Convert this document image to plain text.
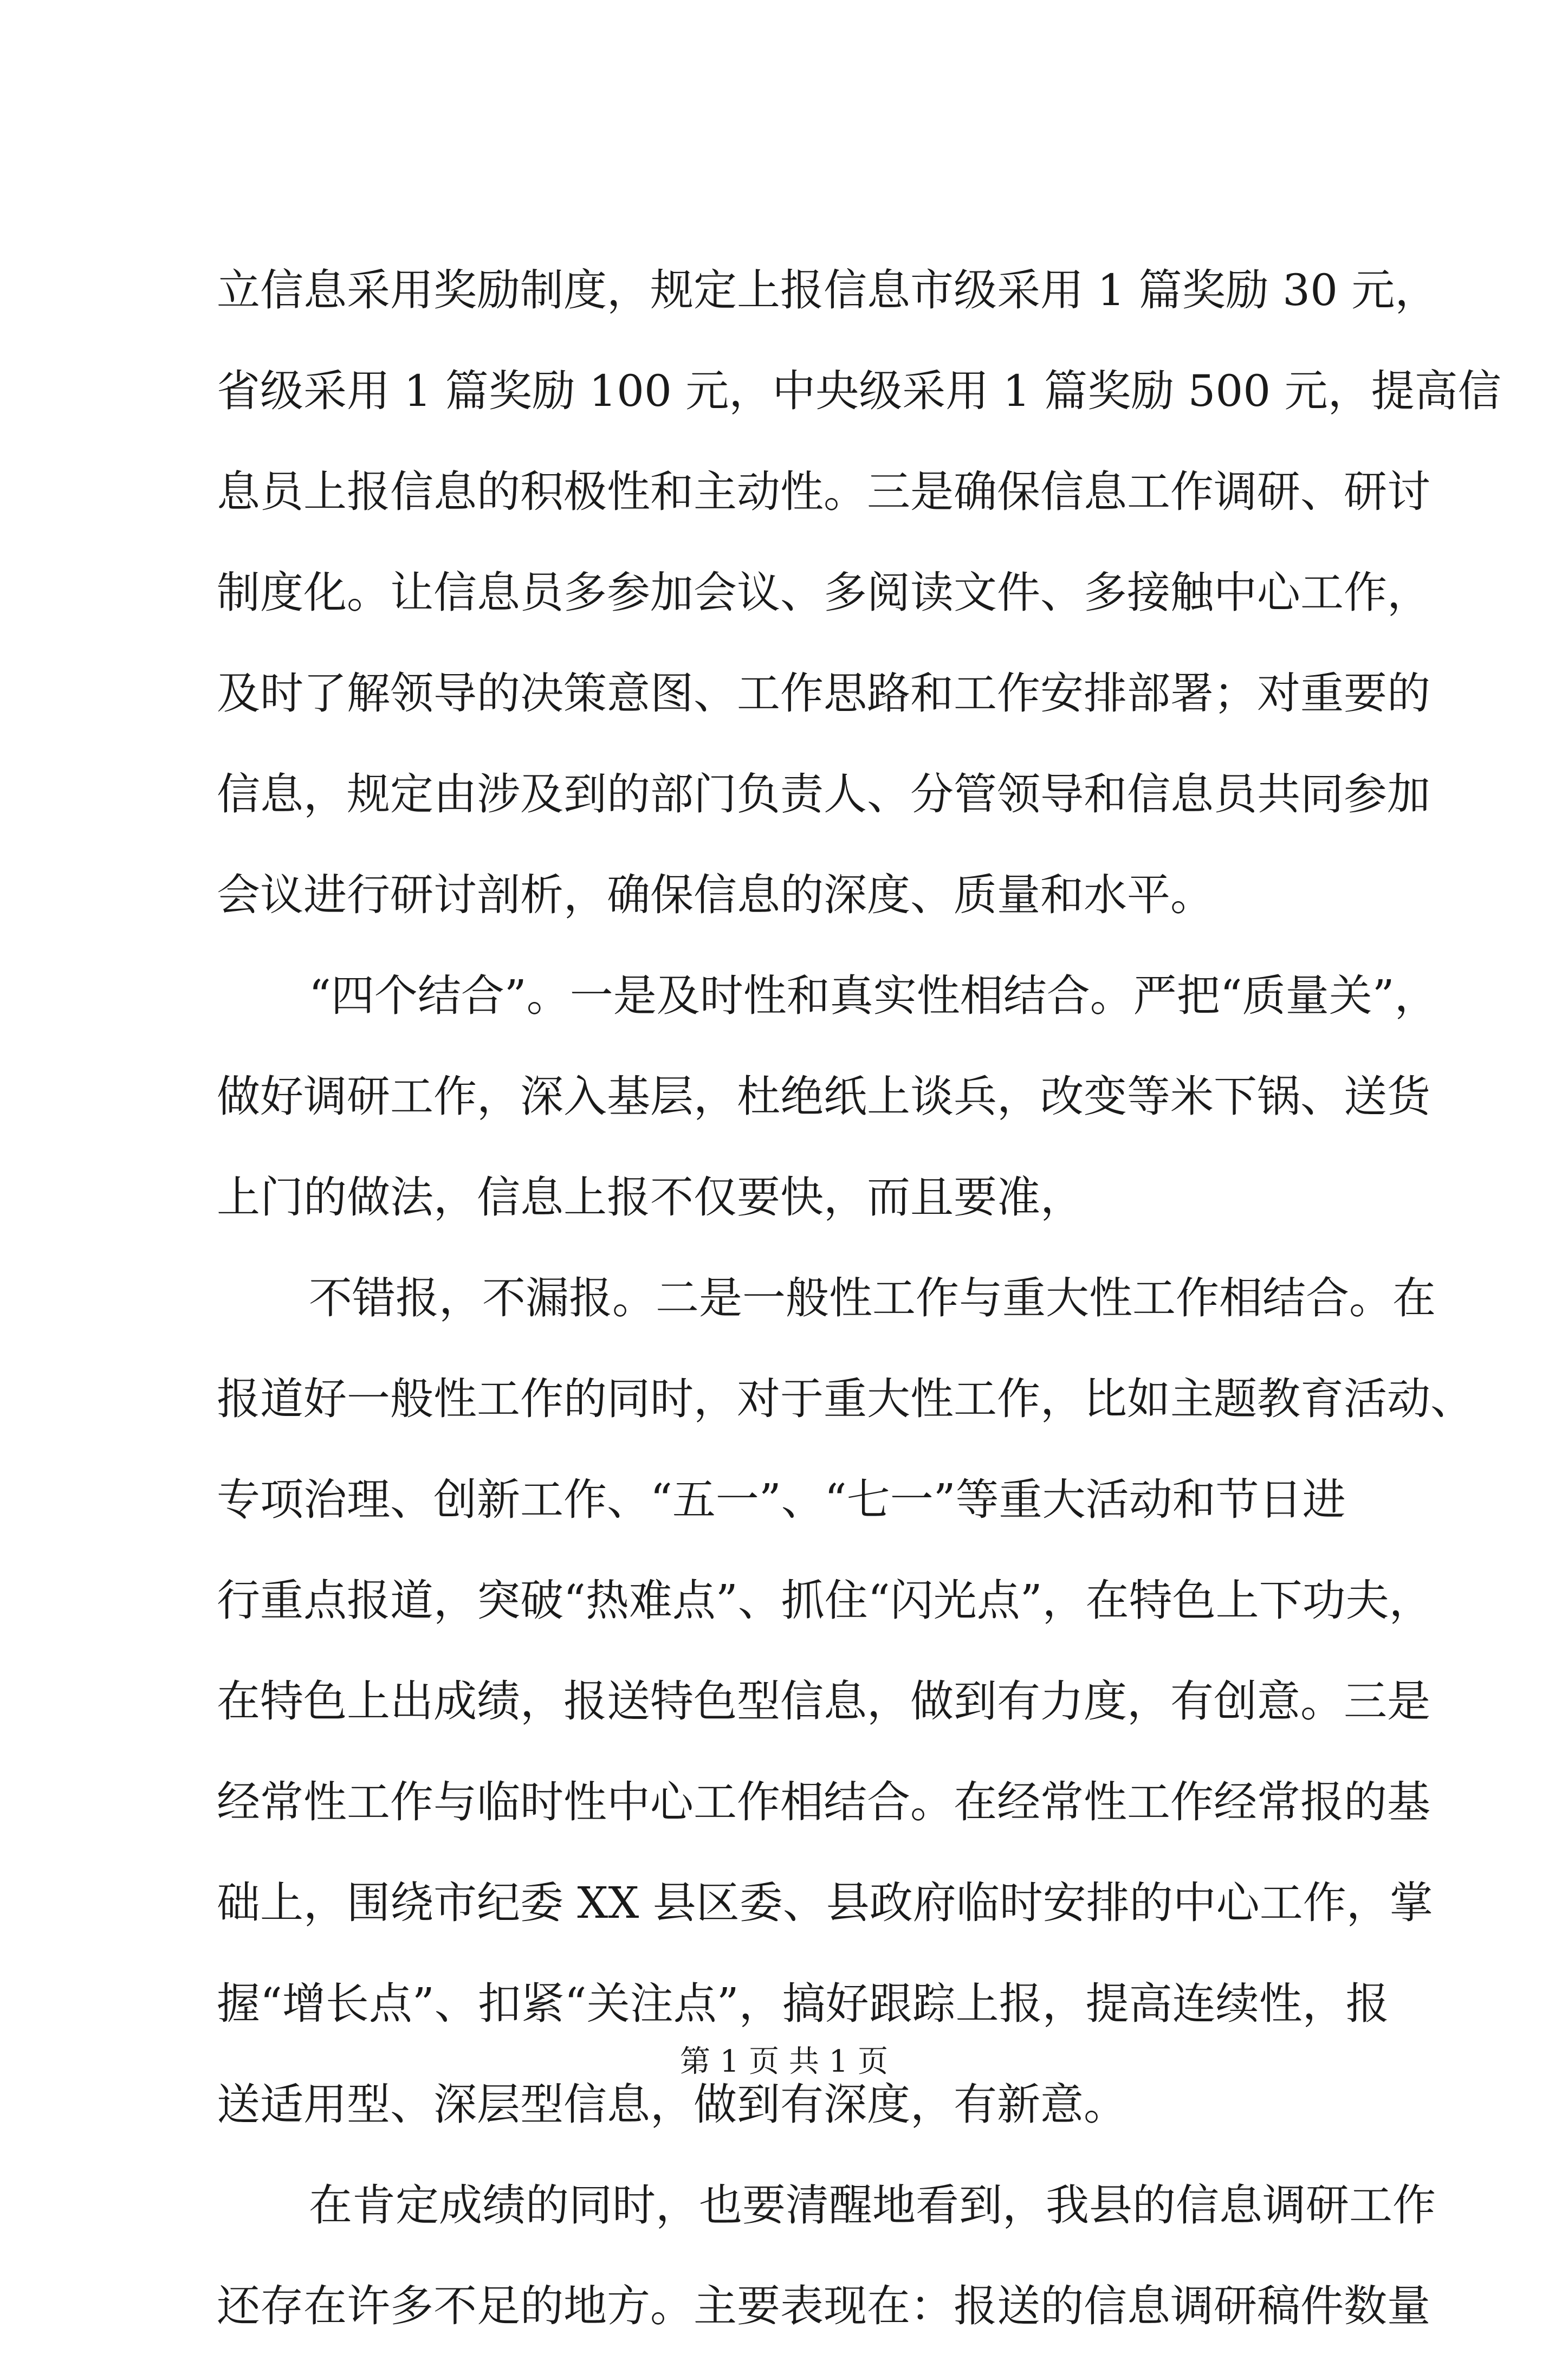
立信息采用奖励制度，规定上报信息市级采用 1 篇奖励 30 元，
省级采用 1 篇奖励 100 元，中央级采用 1 篇奖励 500 元，提高信
息员上报信息的积极性和主动性。三是确保信息工作调研、研讨
制度化。让信息员多参加会议、多阅读文件、多接触中心工作，
及时了解领导的决策意图、工作思路和工作安排部署；对重要的
信息，规定由涉及到的部门负责人、分管领导和信息员共同参加
会议进行研讨剖析，确保信息的深度、质量和水平。
“四个结合”。一是及时性和真实性相结合。严把“质量关”，
做好调研工作，深入基层，杜绝纸上谈兵，改变等米下锅、送货
上门的做法，信息上报不仅要快，而且要准，
不错报，不漏报。二是一般性工作与重大性工作相结合。在
报道好一般性工作的同时，对于重大性工作，比如主题教育活动、
专项治理、创新工作、“五一”、“七一”等重大活动和节日进
行重点报道，突破“热难点”、抓住“闪光点”，在特色上下功夫，
在特色上出成绩，报送特色型信息，做到有力度，有创意。三是
经常性工作与临时性中心工作相结合。在经常性工作经常报的基
础上，围绕市纪委 XX 县区委、县政府临时安排的中心工作，掌
握“增长点”、扣紧“关注点”，搞好跟踪上报，提高连续性，报
送适用型、深层型信息，做到有深度，有新意。
在肯定成绩的同时，也要清醒地看到，我县的信息调研工作
还存在许多不足的地方。主要表现在：报送的信息调研稿件数量
第 1 页 共 1 页
